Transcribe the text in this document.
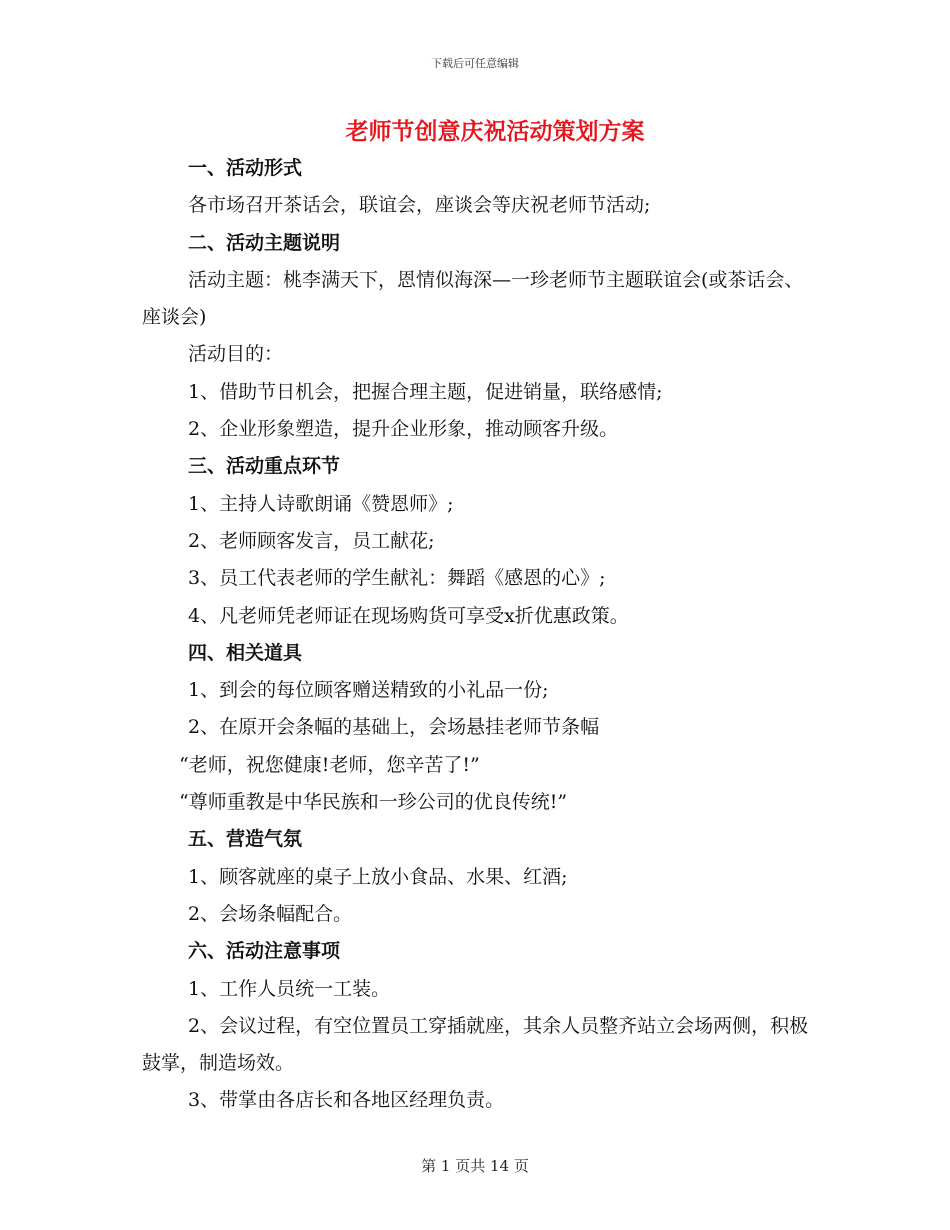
下载后可任意编辑
老师节创意庆祝活动策划方案

一、活动形式

各市场召开茶话会，联谊会，座谈会等庆祝老师节活动;

二、活动主题说明

活动主题：桃李满天下，恩情似海深—一珍老师节主题联谊会(或茶话会、座谈会)

活动目的：

1、借助节日机会，把握合理主题，促进销量，联络感情;

2、企业形象塑造，提升企业形象，推动顾客升级。

三、活动重点环节

1、主持人诗歌朗诵《赞恩师》;

2、老师顾客发言，员工献花;

3、员工代表老师的学生献礼：舞蹈《感恩的心》;

4、凡老师凭老师证在现场购货可享受x折优惠政策。

四、相关道具

1、到会的每位顾客赠送精致的小礼品一份;

2、在原开会条幅的基础上，会场悬挂老师节条幅

“老师，祝您健康!老师，您辛苦了!”

“尊师重教是中华民族和一珍公司的优良传统!”

五、营造气氛

1、顾客就座的桌子上放小食品、水果、红酒;

2、会场条幅配合。

六、活动注意事项

1、工作人员统一工装。

2、会议过程，有空位置员工穿插就座，其余人员整齐站立会场两侧，积极鼓掌，制造场效。

3、带掌由各店长和各地区经理负责。

第 1 页共 14 页
